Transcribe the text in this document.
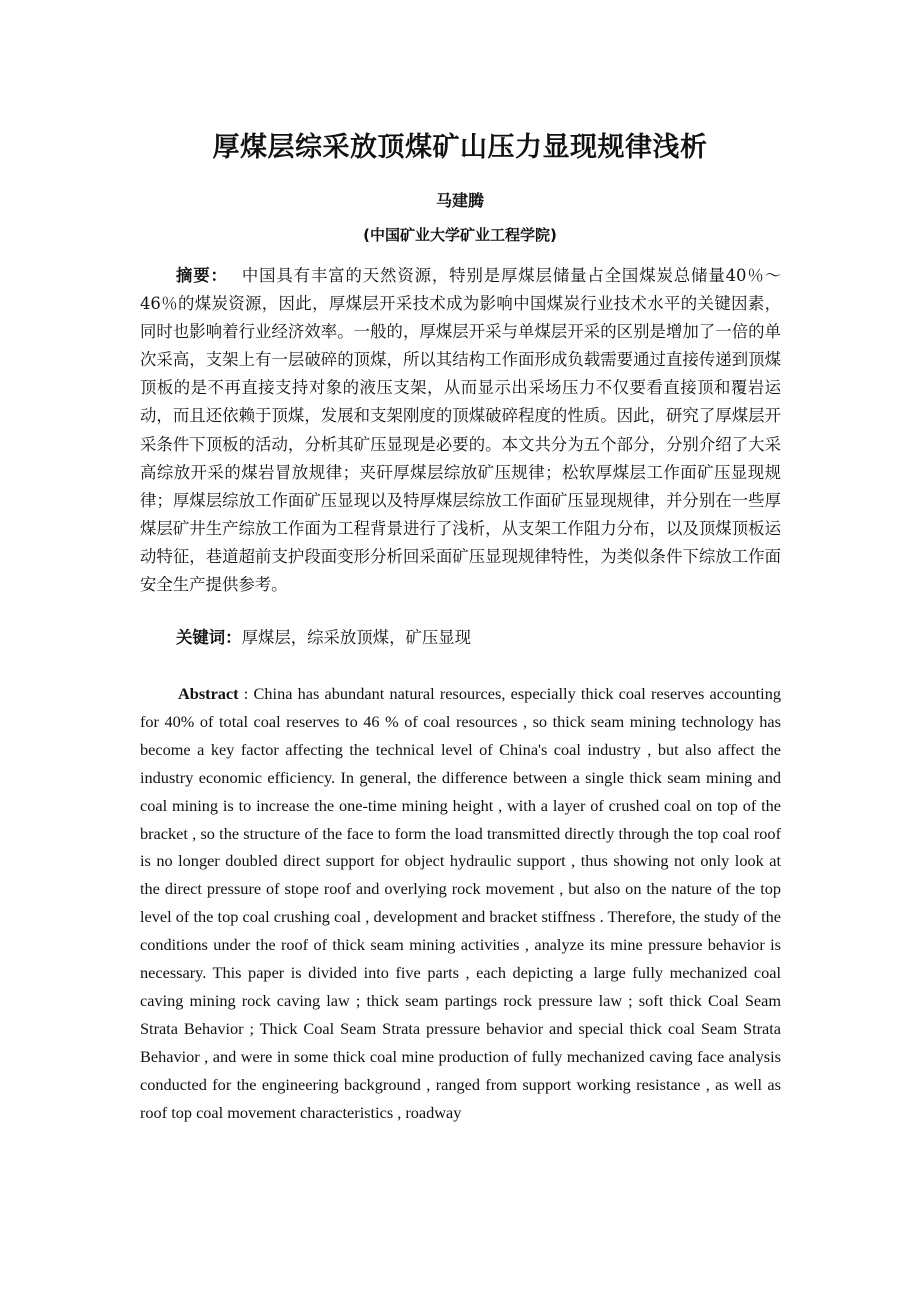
厚煤层综采放顶煤矿山压力显现规律浅析
马建腾
(中国矿业大学矿业工程学院)

摘要： 中国具有丰富的天然资源，特别是厚煤层储量占全国煤炭总储量40％～46％的煤炭资源，因此，厚煤层开采技术成为影响中国煤炭行业技术水平的关键因素，同时也影响着行业经济效率。一般的，厚煤层开采与单煤层开采的区别是增加了一倍的单次采高，支架上有一层破碎的顶煤，所以其结构工作面形成负载需要通过直接传递到顶煤顶板的是不再直接支持对象的液压支架，从而显示出采场压力不仅要看直接顶和覆岩运动，而且还依赖于顶煤，发展和支架刚度的顶煤破碎程度的性质。因此，研究了厚煤层开采条件下顶板的活动，分析其矿压显现是必要的。本文共分为五个部分，分别介绍了大采高综放开采的煤岩冒放规律；夹矸厚煤层综放矿压规律；松软厚煤层工作面矿压显现规律；厚煤层综放工作面矿压显现以及特厚煤层综放工作面矿压显现规律，并分别在一些厚煤层矿井生产综放工作面为工程背景进行了浅析，从支架工作阻力分布，以及顶煤顶板运动特征，巷道超前支护段面变形分析回采面矿压显现规律特性，为类似条件下综放工作面安全生产提供参考。

关键词：厚煤层，综采放顶煤，矿压显现

Abstract : China has abundant natural resources, especially thick coal reserves accounting for 40% of total coal reserves to 46 % of coal resources , so thick seam mining technology has become a key factor affecting the technical level of China's coal industry , but also affect the industry economic efficiency. In general, the difference between a single thick seam mining and coal mining is to increase the one-time mining height , with a layer of crushed coal on top of the bracket , so the structure of the face to form the load transmitted directly through the top coal roof is no longer doubled direct support for object hydraulic support , thus showing not only look at the direct pressure of stope roof and overlying rock movement , but also on the nature of the top level of the top coal crushing coal , development and bracket stiffness . Therefore, the study of the conditions under the roof of thick seam mining activities , analyze its mine pressure behavior is necessary. This paper is divided into five parts , each depicting a large fully mechanized coal caving mining rock caving law ; thick seam partings rock pressure law ; soft thick Coal Seam Strata Behavior ; Thick Coal Seam Strata pressure behavior and special thick coal Seam Strata Behavior , and were in some thick coal mine production of fully mechanized caving face analysis conducted for the engineering background , ranged from support working resistance , as well as roof top coal movement characteristics , roadway
